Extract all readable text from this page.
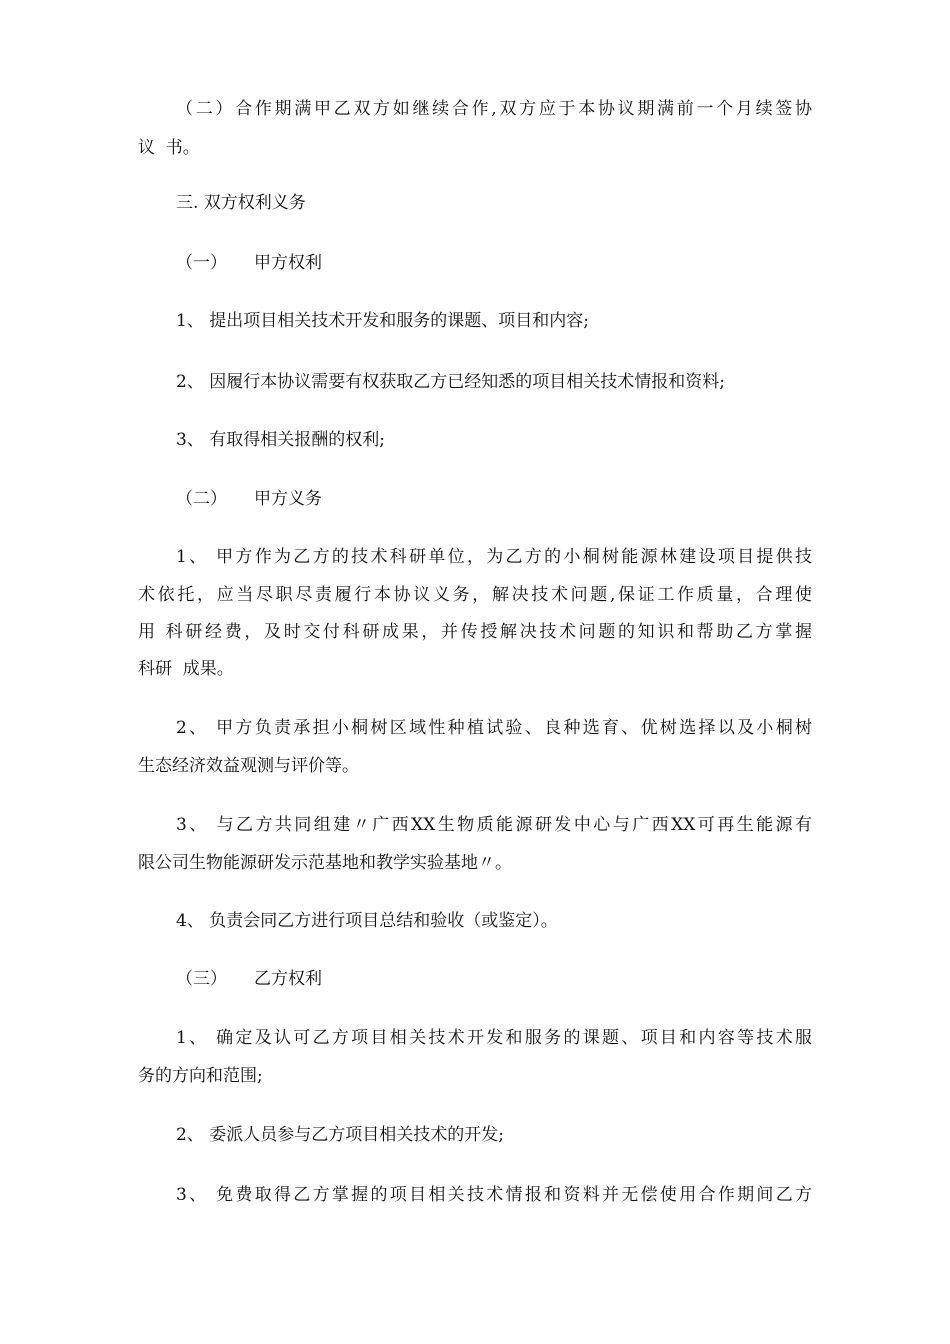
（二）合作期满甲乙双方如继续合作,双方应于本协议期满前一个月续签协
议  书。
三. 双方权利义务
（一）     甲方权利
1、 提出项目相关技术开发和服务的课题、项目和内容;
2、 因履行本协议需要有权获取乙方已经知悉的项目相关技术情报和资料;
3、 有取得相关报酬的权利;
（二）     甲方义务
1、 甲方作为乙方的技术科研单位，为乙方的小桐树能源林建设项目提供技
术依托，应当尽职尽责履行本协议义务，解决技术问题,保证工作质量，合理使
用 科研经费，及时交付科研成果，并传授解决技术问题的知识和帮助乙方掌握
科研  成果。
2、 甲方负责承担小桐树区域性种植试验、良种选育、优树选择以及小桐树
生态经济效益观测与评价等。
3、 与乙方共同组建〃广西XX生物质能源研发中心与广西XX可再生能源有
限公司生物能源研发示范基地和教学实验基地〃。
4、 负责会同乙方进行项目总结和验收（或鉴定）。
（三）     乙方权利
1、 确定及认可乙方项目相关技术开发和服务的课题、项目和内容等技术服
务的方向和范围;
2、 委派人员参与乙方项目相关技术的开发;
3、 免费取得乙方掌握的项目相关技术情报和资料并无偿使用合作期间乙方
